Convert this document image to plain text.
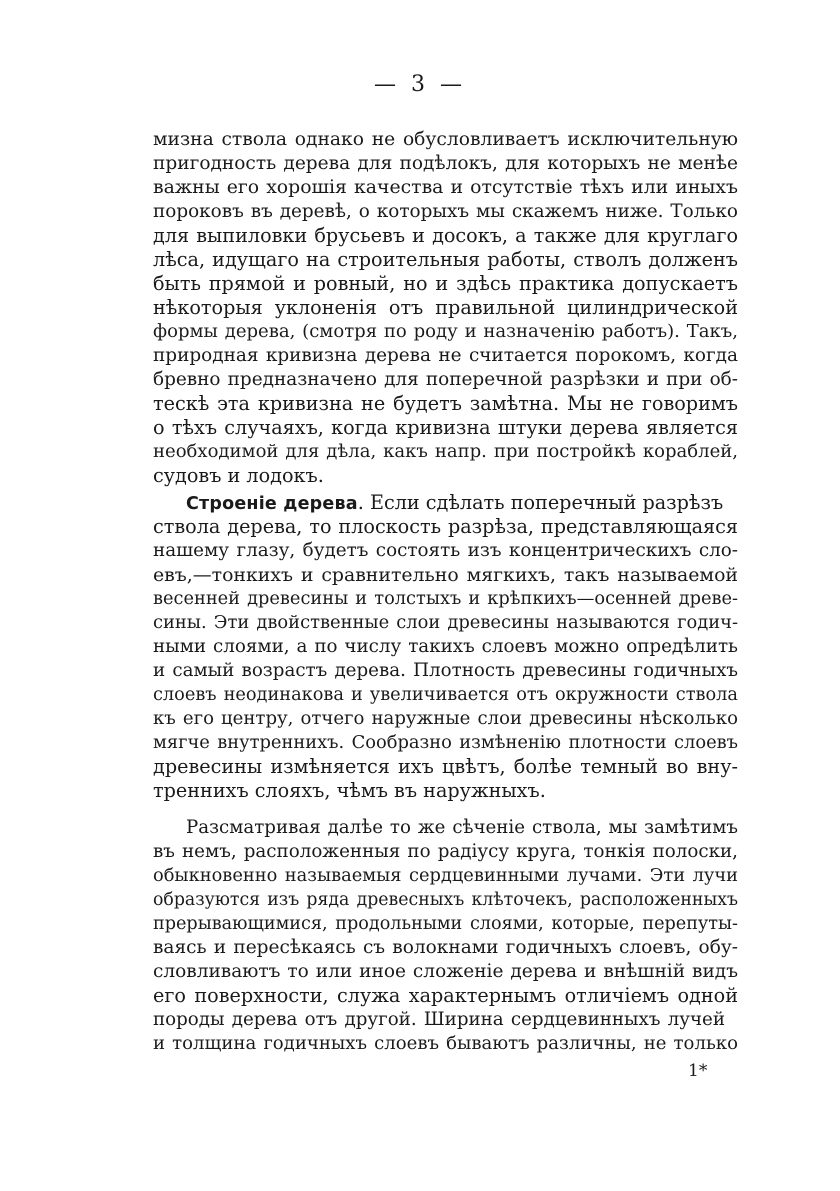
— 3 —
мизна ствола однако не обусловливаетъ исключительную
пригодность дерева для подѣлокъ, для которыхъ не менѣе
важны его хорошія качества и отсутствіе тѣхъ или иныхъ
пороковъ въ деревѣ, о которыхъ мы скажемъ ниже. Только
для выпиловки брусьевъ и досокъ, а также для круглаго
лѣса, идущаго на строительныя работы, стволъ долженъ
быть прямой и ровный, но и здѣсь практика допускаетъ
нѣкоторыя уклоненія отъ правильной цилиндрической
формы дерева, (смотря по роду и назначенію работъ). Такъ,
природная кривизна дерева не считается порокомъ, когда
бревно предназначено для поперечной разрѣзки и при об-
тескѣ эта кривизна не будетъ замѣтна. Мы не говоримъ
о тѣхъ случаяхъ, когда кривизна штуки дерева является
необходимой для дѣла, какъ напр. при постройкѣ кораблей,
судовъ и лодокъ.
Строеніе дерева. Если сдѣлать поперечный разрѣзъ
ствола дерева, то плоскость разрѣза, представляющаяся
нашему глазу, будетъ состоять изъ концентрическихъ сло-
евъ,—тонкихъ и сравнительно мягкихъ, такъ называемой
весенней древесины и толстыхъ и крѣпкихъ—осенней древе-
сины. Эти двойственные слои древесины называются годич-
ными слоями, а по числу такихъ слоевъ можно опредѣлить
и самый возрастъ дерева. Плотность древесины годичныхъ
слоевъ неодинакова и увеличивается отъ окружности ствола
къ его центру, отчего наружные слои древесины нѣсколько
мягче внутреннихъ. Сообразно измѣненію плотности слоевъ
древесины измѣняется ихъ цвѣтъ, болѣе темный во вну-
треннихъ слояхъ, чѣмъ въ наружныхъ.
Разсматривая далѣе то же сѣченіе ствола, мы замѣтимъ
въ немъ, расположенныя по радіусу круга, тонкія полоски,
обыкновенно называемыя сердцевинными лучами. Эти лучи
образуются изъ ряда древесныхъ клѣточекъ, расположенныхъ
прерывающимися, продольными слоями, которые, перепуты-
ваясь и пересѣкаясь съ волокнами годичныхъ слоевъ, обу-
словливаютъ то или иное сложеніе дерева и внѣшній видъ
его поверхности, служа характернымъ отличіемъ одной
породы дерева отъ другой. Ширина сердцевинныхъ лучей
и толщина годичныхъ слоевъ бываютъ различны, не только
1*
